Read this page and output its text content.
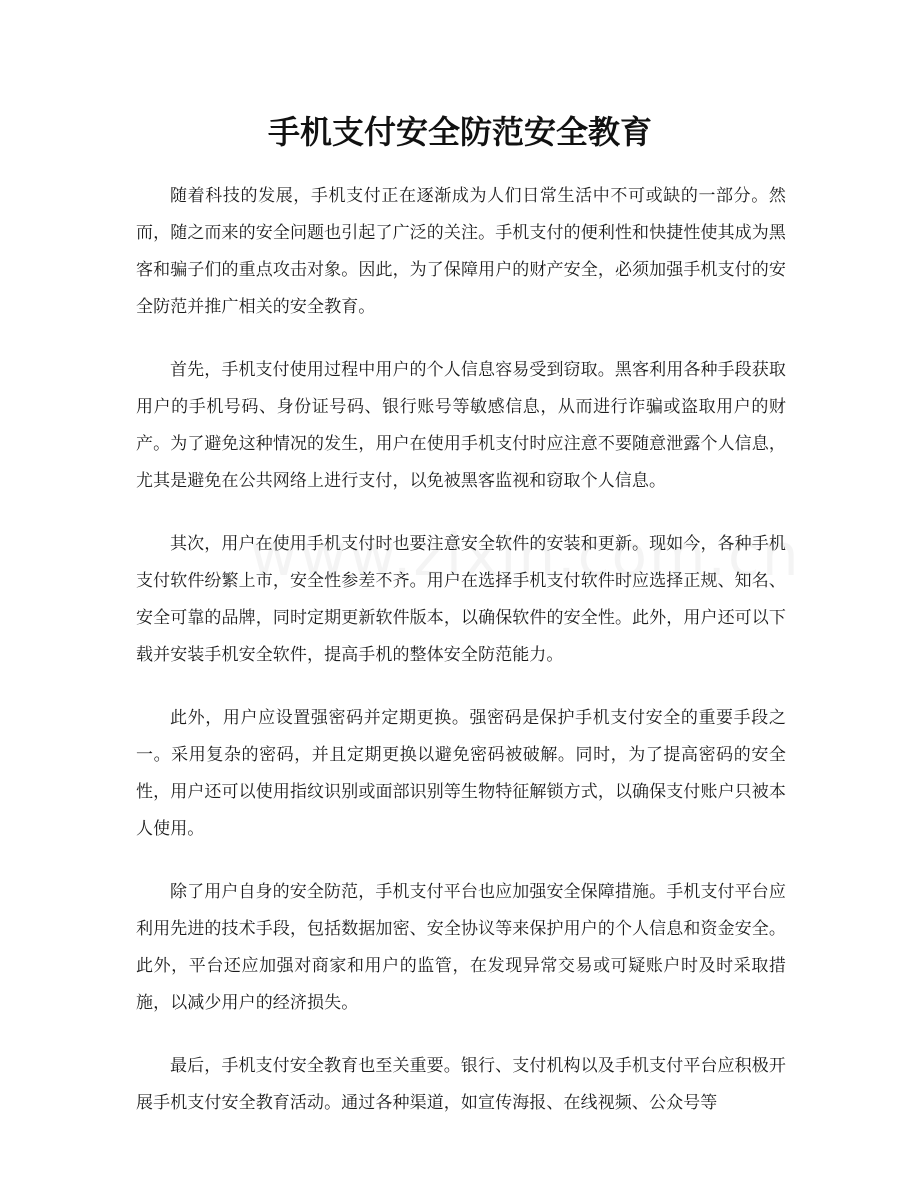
手机支付安全防范安全教育

随着科技的发展，手机支付正在逐渐成为人们日常生活中不可或缺的一部分。然而，随之而来的安全问题也引起了广泛的关注。手机支付的便利性和快捷性使其成为黑客和骗子们的重点攻击对象。因此，为了保障用户的财产安全，必须加强手机支付的安全防范并推广相关的安全教育。

首先，手机支付使用过程中用户的个人信息容易受到窃取。黑客利用各种手段获取用户的手机号码、身份证号码、银行账号等敏感信息，从而进行诈骗或盗取用户的财产。为了避免这种情况的发生，用户在使用手机支付时应注意不要随意泄露个人信息，尤其是避免在公共网络上进行支付，以免被黑客监视和窃取个人信息。

其次，用户在使用手机支付时也要注意安全软件的安装和更新。现如今，各种手机支付软件纷繁上市，安全性参差不齐。用户在选择手机支付软件时应选择正规、知名、安全可靠的品牌，同时定期更新软件版本，以确保软件的安全性。此外，用户还可以下载并安装手机安全软件，提高手机的整体安全防范能力。

此外，用户应设置强密码并定期更换。强密码是保护手机支付安全的重要手段之一。采用复杂的密码，并且定期更换以避免密码被破解。同时，为了提高密码的安全性，用户还可以使用指纹识别或面部识别等生物特征解锁方式，以确保支付账户只被本人使用。

除了用户自身的安全防范，手机支付平台也应加强安全保障措施。手机支付平台应利用先进的技术手段，包括数据加密、安全协议等来保护用户的个人信息和资金安全。此外，平台还应加强对商家和用户的监管，在发现异常交易或可疑账户时及时采取措施，以减少用户的经济损失。

最后，手机支付安全教育也至关重要。银行、支付机构以及手机支付平台应积极开展手机支付安全教育活动。通过各种渠道，如宣传海报、在线视频、公众号等
